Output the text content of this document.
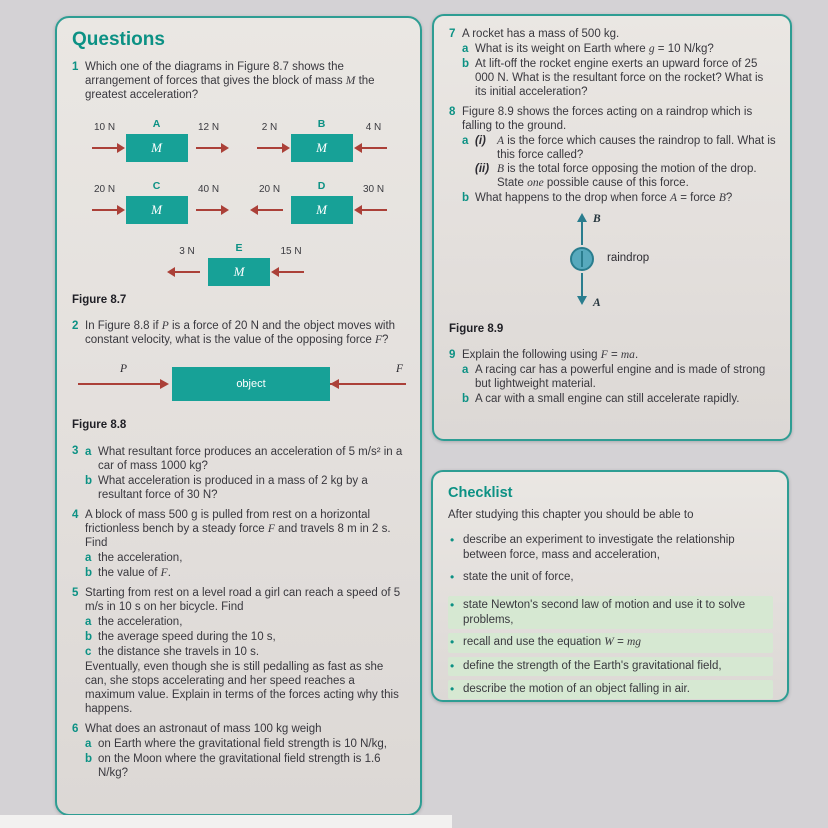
Questions
1 Which one of the diagrams in Figure 8.7 shows the arrangement of forces that gives the block of mass M the greatest acceleration?
A
10 N
M
12 N	B
2 N
M
4 N
C
20 N
M
40 N	D
20 N
M
30 N
E
3 N
M
15 N
Figure 8.7
2 In Figure 8.8 if P is a force of 20 N and the object moves with constant velocity, what is the value of the opposing force F?
P	F
object
Figure 8.8
3 a What resultant force produces an acceleration of 5 m/s² in a car of mass 1000 kg?
b What acceleration is produced in a mass of 2 kg by a resultant force of 30 N?
4 A block of mass 500 g is pulled from rest on a horizontal frictionless bench by a steady force F and travels 8 m in 2 s. Find
a the acceleration,
b the value of F.
5 Starting from rest on a level road a girl can reach a speed of 5 m/s in 10 s on her bicycle. Find
a the acceleration,
b the average speed during the 10 s,
c the distance she travels in 10 s.
Eventually, even though she is still pedalling as fast as she can, she stops accelerating and her speed reaches a maximum value. Explain in terms of the forces acting why this happens.
6 What does an astronaut of mass 100 kg weigh
a on Earth where the gravitational field strength is 10 N/kg,
b on the Moon where the gravitational field strength is 1.6 N/kg?
7 A rocket has a mass of 500 kg.
a What is its weight on Earth where g = 10 N/kg?
b At lift-off the rocket engine exerts an upward force of 25 000 N. What is the resultant force on the rocket? What is its initial acceleration?
8 Figure 8.9 shows the forces acting on a raindrop which is falling to the ground.
a (i) A is the force which causes the raindrop to fall. What is this force called?
(ii) B is the total force opposing the motion of the drop. State one possible cause of this force.
b What happens to the drop when force A = force B?
B
raindrop
A
Figure 8.9
9 Explain the following using F = ma.
a A racing car has a powerful engine and is made of strong but lightweight material.
b A car with a small engine can still accelerate rapidly.
Checklist
After studying this chapter you should be able to
• describe an experiment to investigate the relationship between force, mass and acceleration,
• state the unit of force,
• state Newton's second law of motion and use it to solve problems,
• recall and use the equation W = mg
• define the strength of the Earth's gravitational field,
• describe the motion of an object falling in air.
